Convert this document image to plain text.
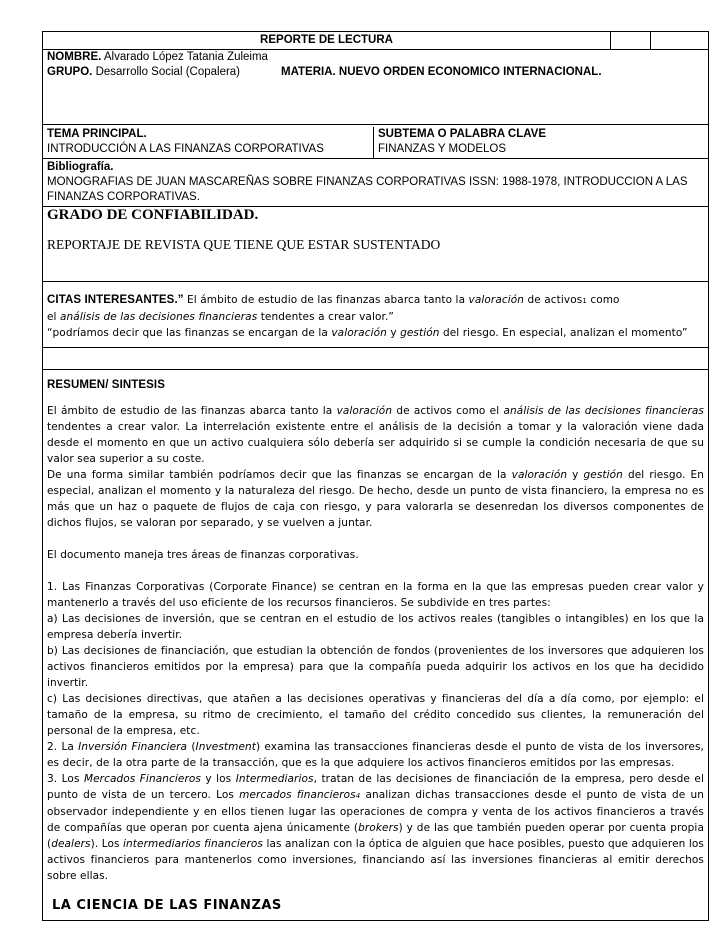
REPORTE DE LECTURA
NOMBRE. Alvarado López Tatania Zuleima
GRUPO. Desarrollo Social (Copalera)	MATERIA. NUEVO ORDEN ECONOMICO INTERNACIONAL.
TEMA PRINCIPAL.
INTRODUCCIÓN A LAS FINANZAS CORPORATIVAS
SUBTEMA O PALABRA CLAVE
FINANZAS Y MODELOS
Bibliografía.
MONOGRAFIAS DE JUAN MASCAREÑAS SOBRE FINANZAS CORPORATIVAS ISSN: 1988-1978, INTRODUCCION A LAS FINANZAS CORPORATIVAS.
GRADO DE CONFIABILIDAD.
REPORTAJE DE REVISTA QUE TIENE QUE ESTAR SUSTENTADO

CITAS INTERESANTES.” El ámbito de estudio de las finanzas abarca tanto la valoración de activos1 como

el análisis de las decisiones financieras tendentes a crear valor.”

“podríamos decir que las finanzas se encargan de la valoración y gestión del riesgo. En especial, analizan el momento”

RESUMEN/ SINTESIS

El ámbito de estudio de las finanzas abarca tanto la valoración de activos como el análisis de las decisiones financieras tendentes a crear valor. La interrelación existente entre el análisis de la decisión a tomar y la valoración viene dada desde el momento en que un activo cualquiera sólo debería ser adquirido si se cumple la condición necesaria de que su valor sea superior a su coste.

De una forma similar también podríamos decir que las finanzas se encargan de la valoración y gestión del riesgo. En especial, analizan el momento y la naturaleza del riesgo. De hecho, desde un punto de vista financiero, la empresa no es más que un haz o paquete de flujos de caja con riesgo, y para valorarla se desenredan los diversos componentes de dichos flujos, se valoran por separado, y se vuelven a juntar.

El documento maneja tres áreas de finanzas corporativas.

1. Las Finanzas Corporativas (Corporate Finance) se centran en la forma en la que las empresas pueden crear valor y mantenerlo a través del uso eficiente de los recursos financieros. Se subdivide en tres partes:

a) Las decisiones de inversión, que se centran en el estudio de los activos reales (tangibles o intangibles) en los que la empresa debería invertir.

b) Las decisiones de financiación, que estudian la obtención de fondos (provenientes de los inversores que adquieren los activos financieros emitidos por la empresa) para que la compañía pueda adquirir los activos en los que ha decidido invertir.

c) Las decisiones directivas, que atañen a las decisiones operativas y financieras del día a día como, por ejemplo: el tamaño de la empresa, su ritmo de crecimiento, el tamaño del crédito concedido sus clientes, la remuneración del personal de la empresa, etc.

2. La Inversión Financiera (Investment) examina las transacciones financieras desde el punto de vista de los inversores, es decir, de la otra parte de la transacción, que es la que adquiere los activos financieros emitidos por las empresas.

3. Los Mercados Financieros y los Intermediarios, tratan de las decisiones de financiación de la empresa, pero desde el punto de vista de un tercero. Los mercados financieros4 analizan dichas transacciones desde el punto de vista de un observador independiente y en ellos tienen lugar las operaciones de compra y venta de los activos financieros a través de compañías que operan por cuenta ajena únicamente (brokers) y de las que también pueden operar por cuenta propia (dealers). Los intermediarios financieros las analizan con la óptica de alguien que hace posibles, puesto que adquieren los activos financieros para mantenerlos como inversiones, financiando así las inversiones financieras al emitir derechos sobre ellas.

LA CIENCIA DE LAS FINANZAS
